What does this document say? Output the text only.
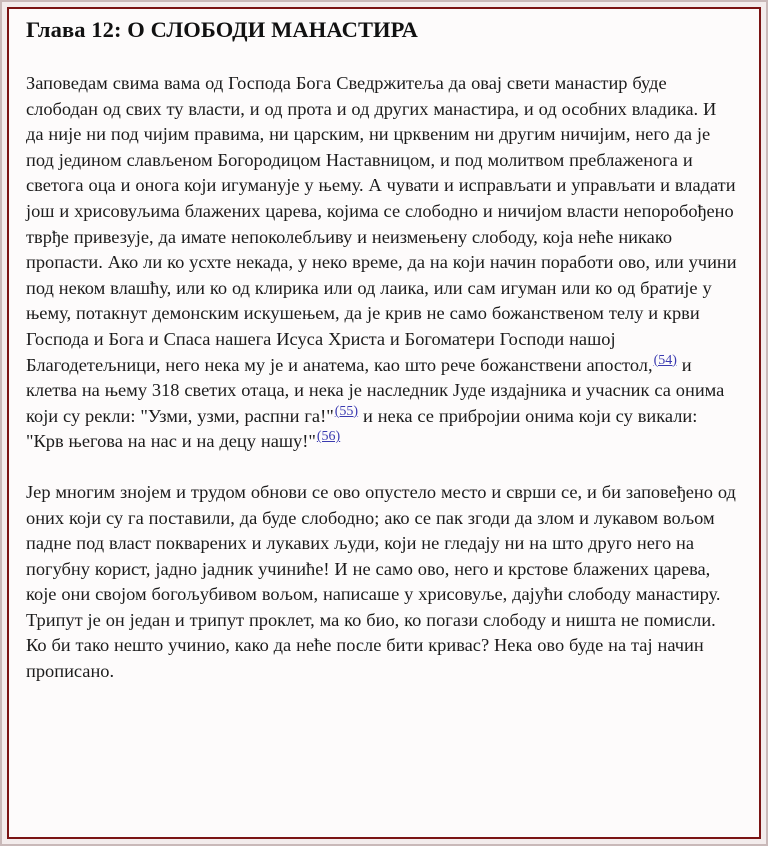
Глава 12: О СЛОБОДИ МАНАСТИРА

Заповедам свима вама од Господа Бога Сведржитеља да овај свети манастир буде слободан од свих ту власти, и од прота и од других манастира, и од особних владика. И да није ни под чијим правима, ни царским, ни црквеним ни другим ничијим, него да је под јединoм слављеном Богородицом Наставницом, и под молитвом преблаженога и светога оца и онога који игумануje у њему. А чувати и исправљати и управљати и владати још и хрисовуљима блажених царева, којима се слободно и ничијом власти непоробођено тврђе привезује, да имате непоколебљиву и неизмењену слободу, која неће никако пропасти. Ако ли ко усхте некада, у неко време, да на који начин поработи ово, или учини под неком влашћу, или ко од клирика или од лаика, или сам игуман или ко од братије у њему, потакнут демонским искушењем, да је крив не само божанственом телу и крви Господа и Бога и Спаса нашега Исуса Христа и Богоматери Господи нашој Благодетељници, него нека му је и анатема, као што рече божанствени апостол,$^{(54)}$ и клетва на њему 318 светих отаца, и нека је наследник Јуде издајника и учасник са онима који су рекли: "Узми, узми, распни га!"$^{(55)}$ и нека се прибројии онима који су викали: "Крв његова на нас и на децу нашу!"$^{(56)}$

Јер многим знојем и трудом обнови се ово опустело место и сврши се, и би заповеђено од оних који су га поставили, да буде слободно; ако се пак згоди да злом и лукавом вољом падне под власт покварених и лукавих људи, који не гледају ни на што друго него на погубну корист, јадно јадник учиниће! И не само ово, него и крстове блажених царева, које они својом богољубивом вољом, написаше у хрисовуље, дајући слободу манастиру. Трипут је он један и трипут проклет, ма ко био, ко погази слободу и ништа не помисли. Ко би тако нешто учинио, како да неће после бити криваc? Нека ово буде на тај начин прописано.
